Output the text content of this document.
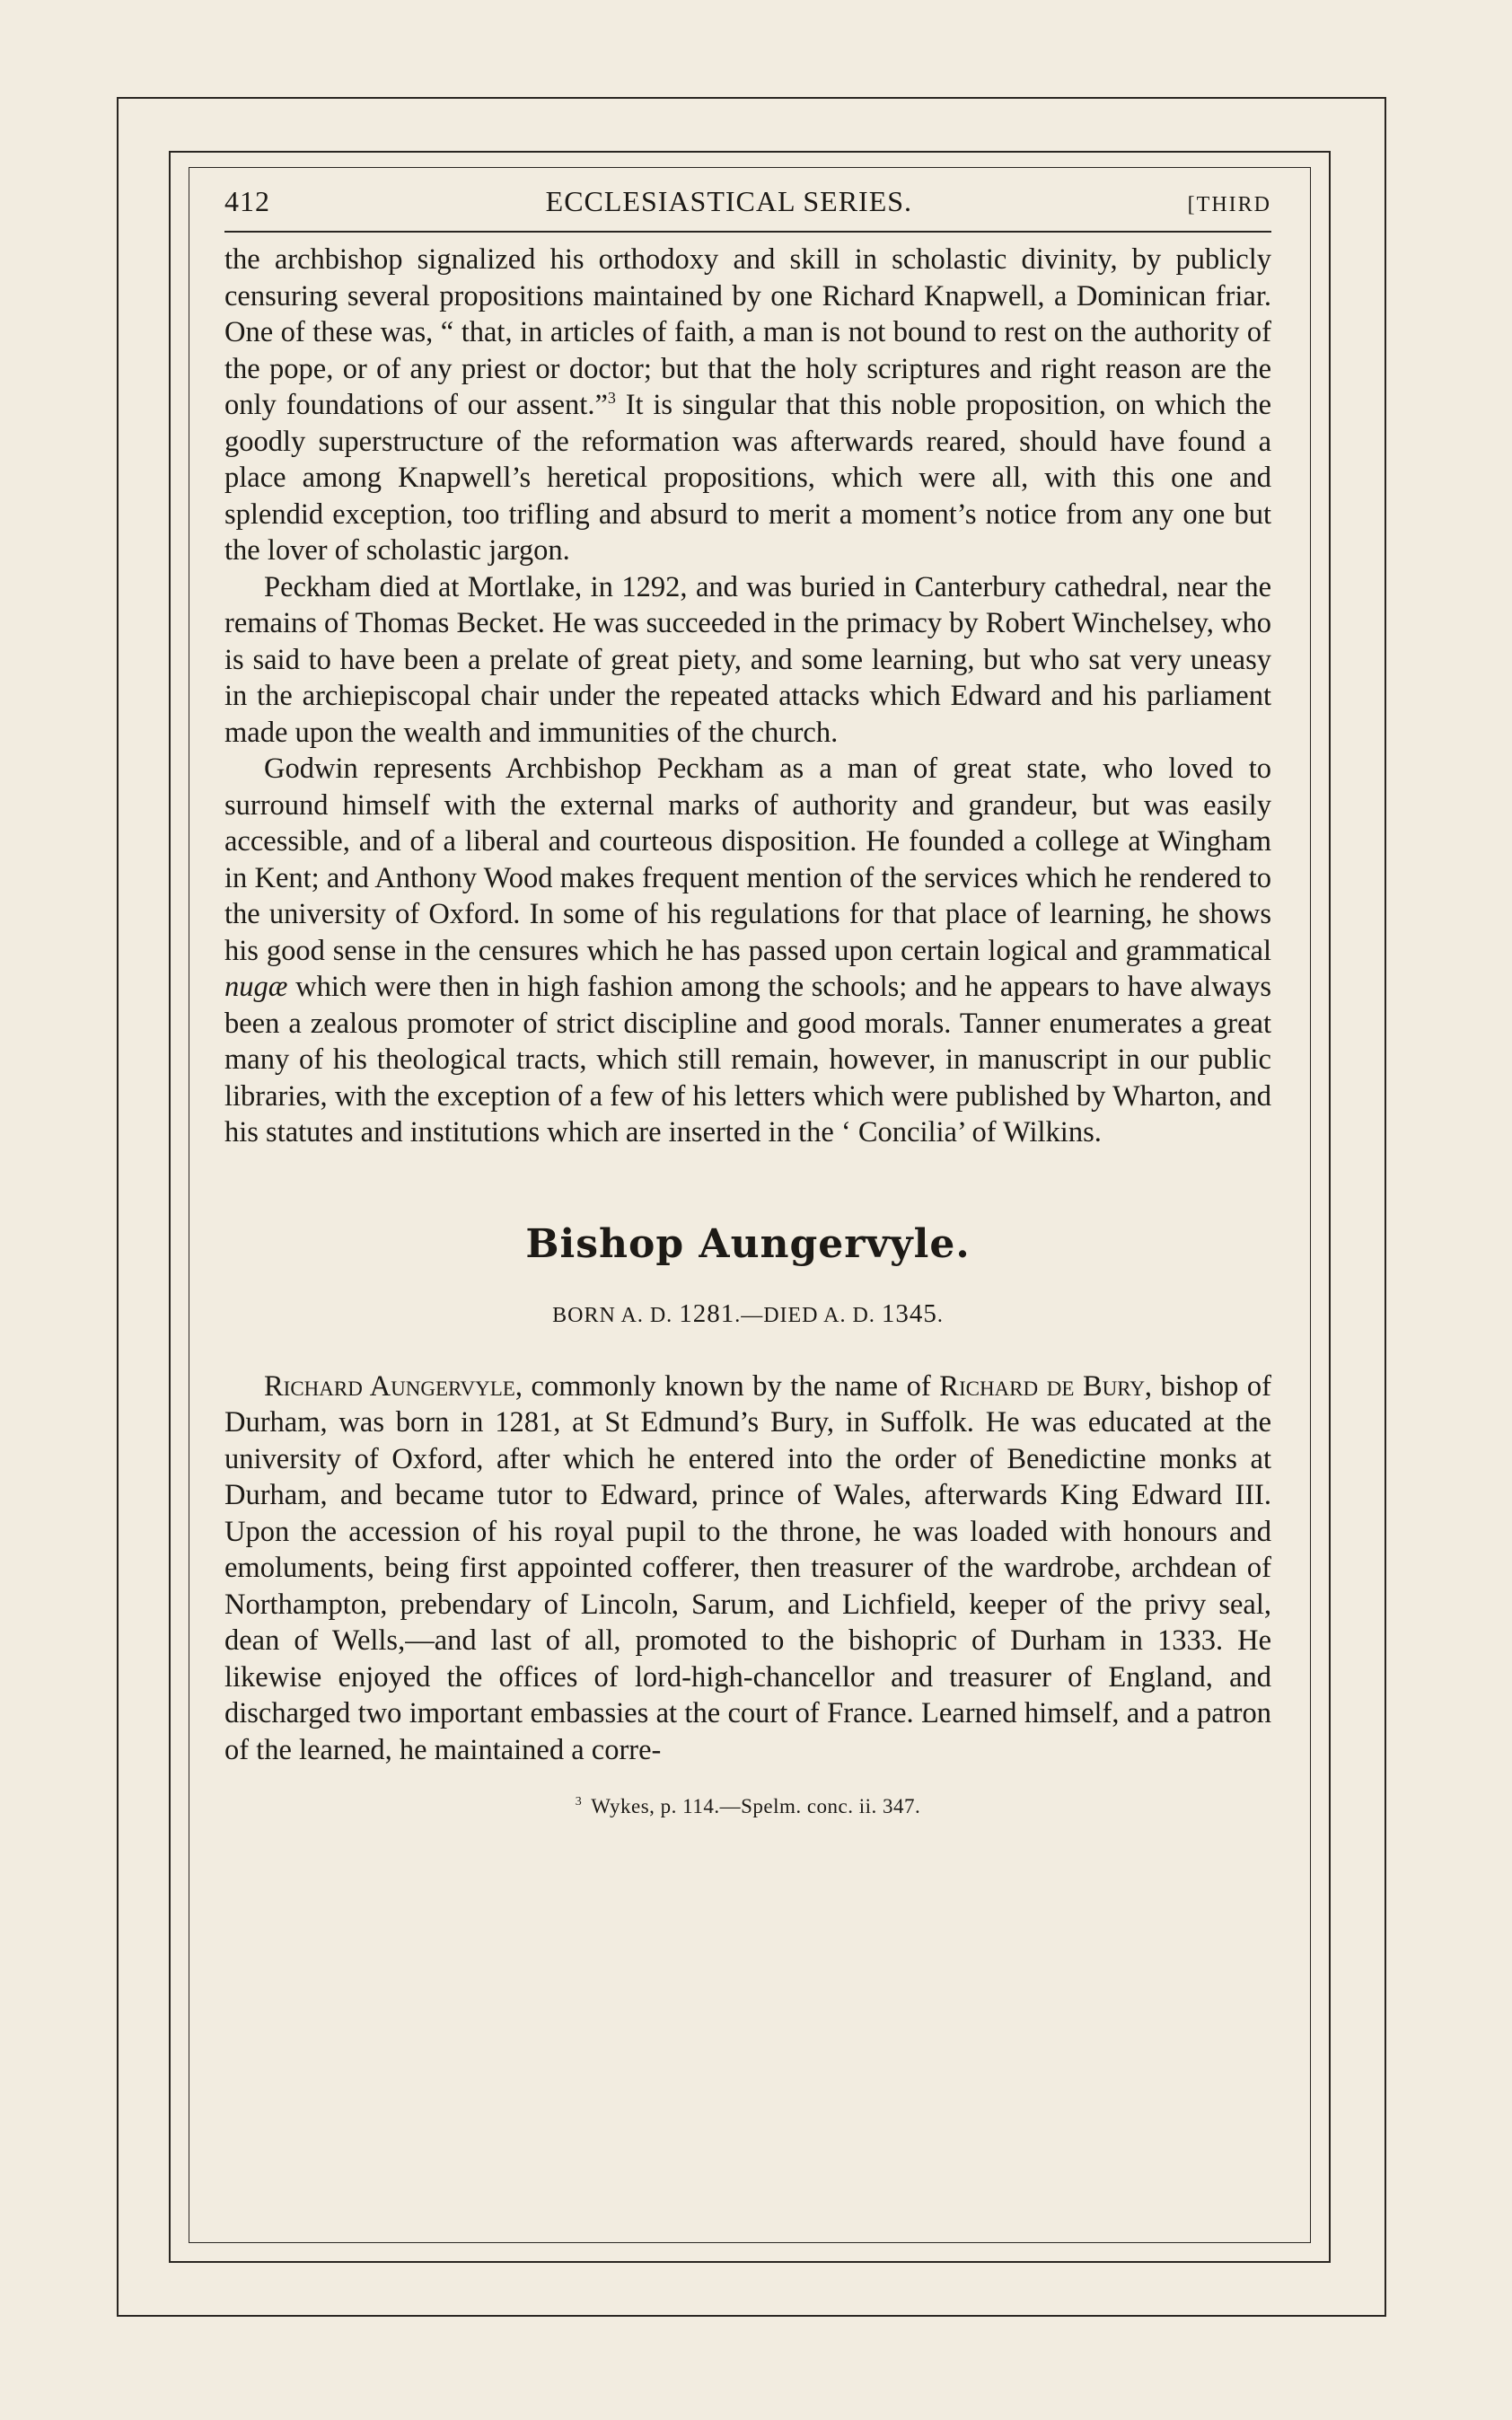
412	ECCLESIASTICAL SERIES.	[THIRD

the archbishop signalized his orthodoxy and skill in scholastic divinity, by publicly censuring several propositions maintained by one Richard Knapwell, a Dominican friar. One of these was, “ that, in articles of faith, a man is not bound to rest on the authority of the pope, or of any priest or doctor; but that the holy scriptures and right reason are the only foundations of our assent.”$^3$ It is singular that this noble proposition, on which the goodly superstructure of the reformation was afterwards reared, should have found a place among Knapwell’s heretical propositions, which were all, with this one and splendid exception, too trifling and absurd to merit a moment’s notice from any one but the lover of scholastic jargon.

Peckham died at Mortlake, in 1292, and was buried in Canterbury cathedral, near the remains of Thomas Becket. He was succeeded in the primacy by Robert Winchelsey, who is said to have been a prelate of great piety, and some learning, but who sat very uneasy in the archiepiscopal chair under the repeated attacks which Edward and his parliament made upon the wealth and immunities of the church.

Godwin represents Archbishop Peckham as a man of great state, who loved to surround himself with the external marks of authority and grandeur, but was easily accessible, and of a liberal and courteous disposition. He founded a college at Wingham in Kent; and Anthony Wood makes frequent mention of the services which he rendered to the university of Oxford. In some of his regulations for that place of learning, he shows his good sense in the censures which he has passed upon certain logical and grammatical nugæ which were then in high fashion among the schools; and he appears to have always been a zealous promoter of strict discipline and good morals. Tanner enumerates a great many of his theological tracts, which still remain, however, in manuscript in our public libraries, with the exception of a few of his letters which were published by Wharton, and his statutes and institutions which are inserted in the ‘ Concilia’ of Wilkins.

Bishop Aungervyle.
BORN A. D. 1281.—DIED A. D. 1345.

Richard Aungervyle, commonly known by the name of Richard de Bury, bishop of Durham, was born in 1281, at St Edmund’s Bury, in Suffolk. He was educated at the university of Oxford, after which he entered into the order of Benedictine monks at Durham, and became tutor to Edward, prince of Wales, afterwards King Edward III. Upon the accession of his royal pupil to the throne, he was loaded with honours and emoluments, being first appointed cofferer, then treasurer of the wardrobe, archdean of Northampton, prebendary of Lincoln, Sarum, and Lichfield, keeper of the privy seal, dean of Wells,—and last of all, promoted to the bishopric of Durham in 1333. He likewise enjoyed the offices of lord-high-chancellor and treasurer of England, and discharged two important embassies at the court of France. Learned himself, and a patron of the learned, he maintained a corre-

$^3$ Wykes, p. 114.—Spelm. conc. ii. 347.
